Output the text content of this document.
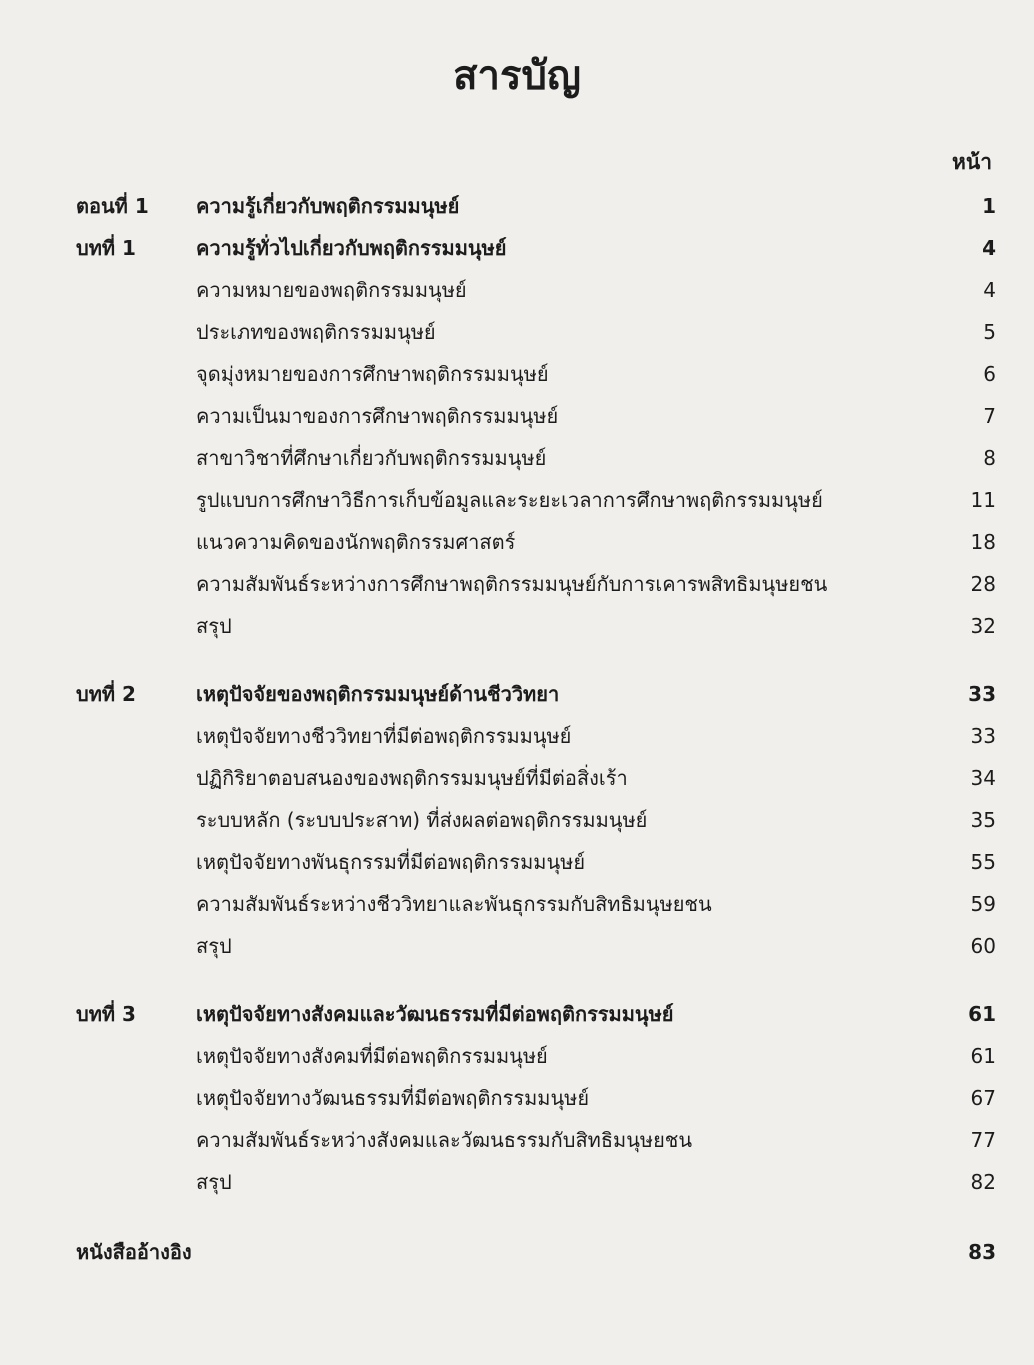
สารบัญ
หน้า
ตอนที่ 1 ความรู้เกี่ยวกับพฤติกรรมมนุษย์	1
บทที่ 1	ความรู้ทั่วไปเกี่ยวกับพฤติกรรมมนุษย์	4
ความหมายของพฤติกรรมมนุษย์	4
ประเภทของพฤติกรรมมนุษย์	5
จุดมุ่งหมายของการศึกษาพฤติกรรมมนุษย์	6
ความเป็นมาของการศึกษาพฤติกรรมมนุษย์	7
สาขาวิชาที่ศึกษาเกี่ยวกับพฤติกรรมมนุษย์	8
รูปแบบการศึกษาวิธีการเก็บข้อมูลและระยะเวลาการศึกษาพฤติกรรมมนุษย์	11
แนวความคิดของนักพฤติกรรมศาสตร์	18
ความสัมพันธ์ระหว่างการศึกษาพฤติกรรมมนุษย์กับการเคารพสิทธิมนุษยชน	28
สรุป	32
บทที่ 2	เหตุปัจจัยของพฤติกรรมมนุษย์ด้านชีววิทยา	33
เหตุปัจจัยทางชีววิทยาที่มีต่อพฤติกรรมมนุษย์	33
ปฏิกิริยาตอบสนองของพฤติกรรมมนุษย์ที่มีต่อสิ่งเร้า	34
ระบบหลัก (ระบบประสาท) ที่ส่งผลต่อพฤติกรรมมนุษย์	35
เหตุปัจจัยทางพันธุกรรมที่มีต่อพฤติกรรมมนุษย์	55
ความสัมพันธ์ระหว่างชีววิทยาและพันธุกรรมกับสิทธิมนุษยชน	59
สรุป	60
บทที่ 3	เหตุปัจจัยทางสังคมและวัฒนธรรมที่มีต่อพฤติกรรมมนุษย์	61
เหตุปัจจัยทางสังคมที่มีต่อพฤติกรรมมนุษย์	61
เหตุปัจจัยทางวัฒนธรรมที่มีต่อพฤติกรรมมนุษย์	67
ความสัมพันธ์ระหว่างสังคมและวัฒนธรรมกับสิทธิมนุษยชน	77
สรุป	82
หนังสืออ้างอิง	83
